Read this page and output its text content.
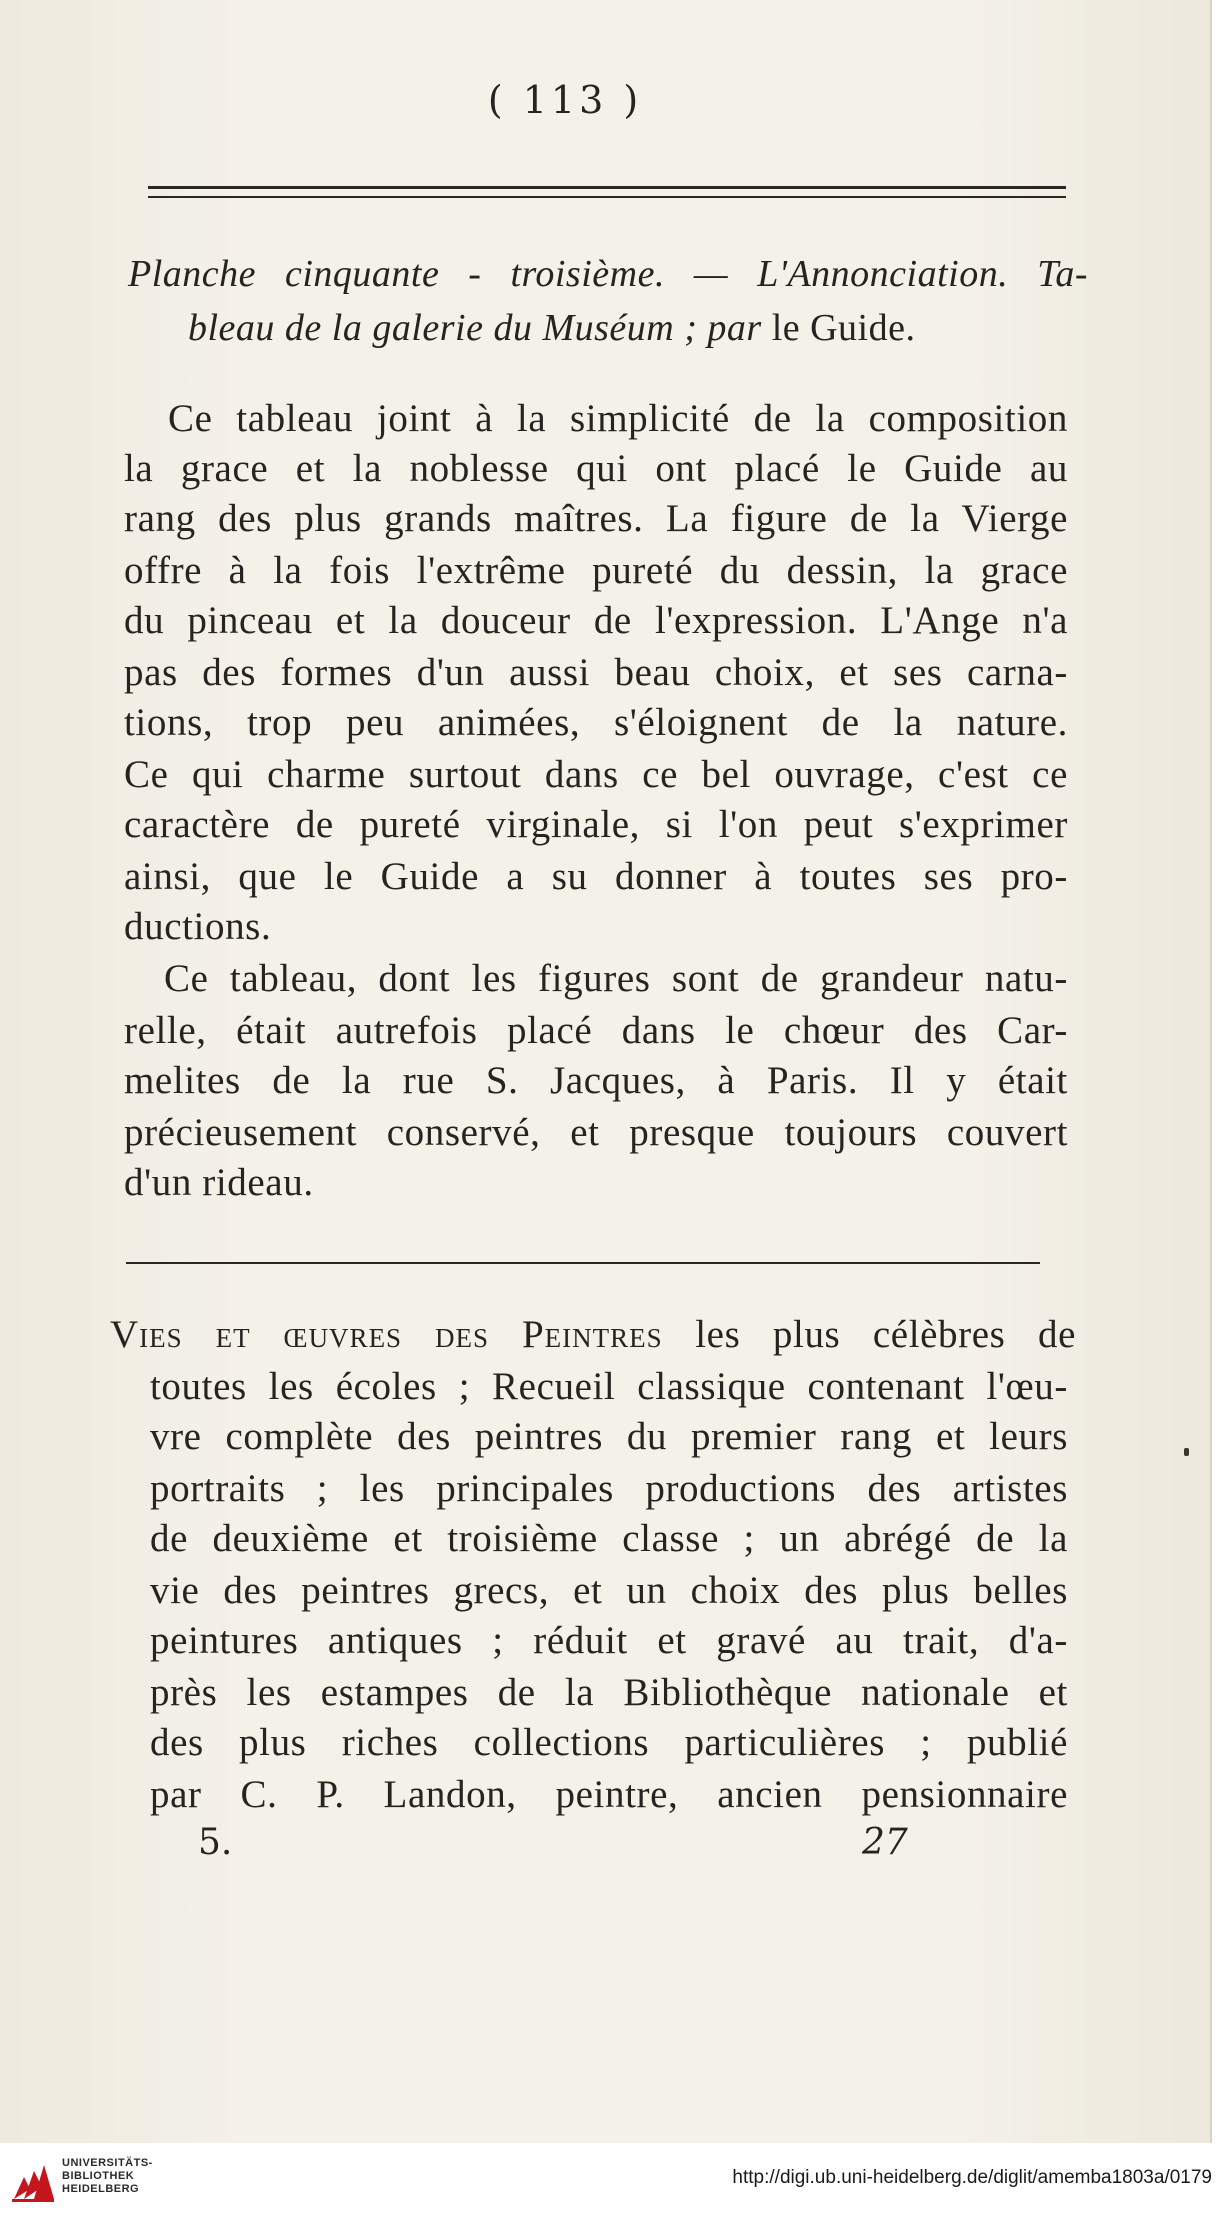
( 113 )
Planche cinquante - troisième. — L'Annonciation. Ta-
bleau de la galerie du Muséum ; par le Guide.
Ce tableau joint à la simplicité de la composition
la grace et la noblesse qui ont placé le Guide au
rang des plus grands maîtres. La figure de la Vierge
offre à la fois l'extrême pureté du dessin, la grace
du pinceau et la douceur de l'expression. L'Ange n'a
pas des formes d'un aussi beau choix, et ses carna-
tions, trop peu animées, s'éloignent de la nature.
Ce qui charme surtout dans ce bel ouvrage, c'est ce
caractère de pureté virginale, si l'on peut s'exprimer
ainsi, que le Guide a su donner à toutes ses pro-
ductions.
Ce tableau, dont les figures sont de grandeur natu-
relle, était autrefois placé dans le chœur des Car-
melites de la rue S. Jacques, à Paris. Il y était
précieusement conservé, et presque toujours couvert
d'un rideau.
Vies et œuvres des Peintres les plus célèbres de
toutes les écoles ; Recueil classique contenant l'œu-
vre complète des peintres du premier rang et leurs
portraits ; les principales productions des artistes
de deuxième et troisième classe ; un abrégé de la
vie des peintres grecs, et un choix des plus belles
peintures antiques ; réduit et gravé au trait, d'a-
près les estampes de la Bibliothèque nationale et
des plus riches collections particulières ; publié
par C. P. Landon, peintre, ancien pensionnaire
5.	27
UNIVERSITÄTS-
BIBLIOTHEK
HEIDELBERG
http://digi.ub.uni-heidelberg.de/diglit/amemba1803a/0179
